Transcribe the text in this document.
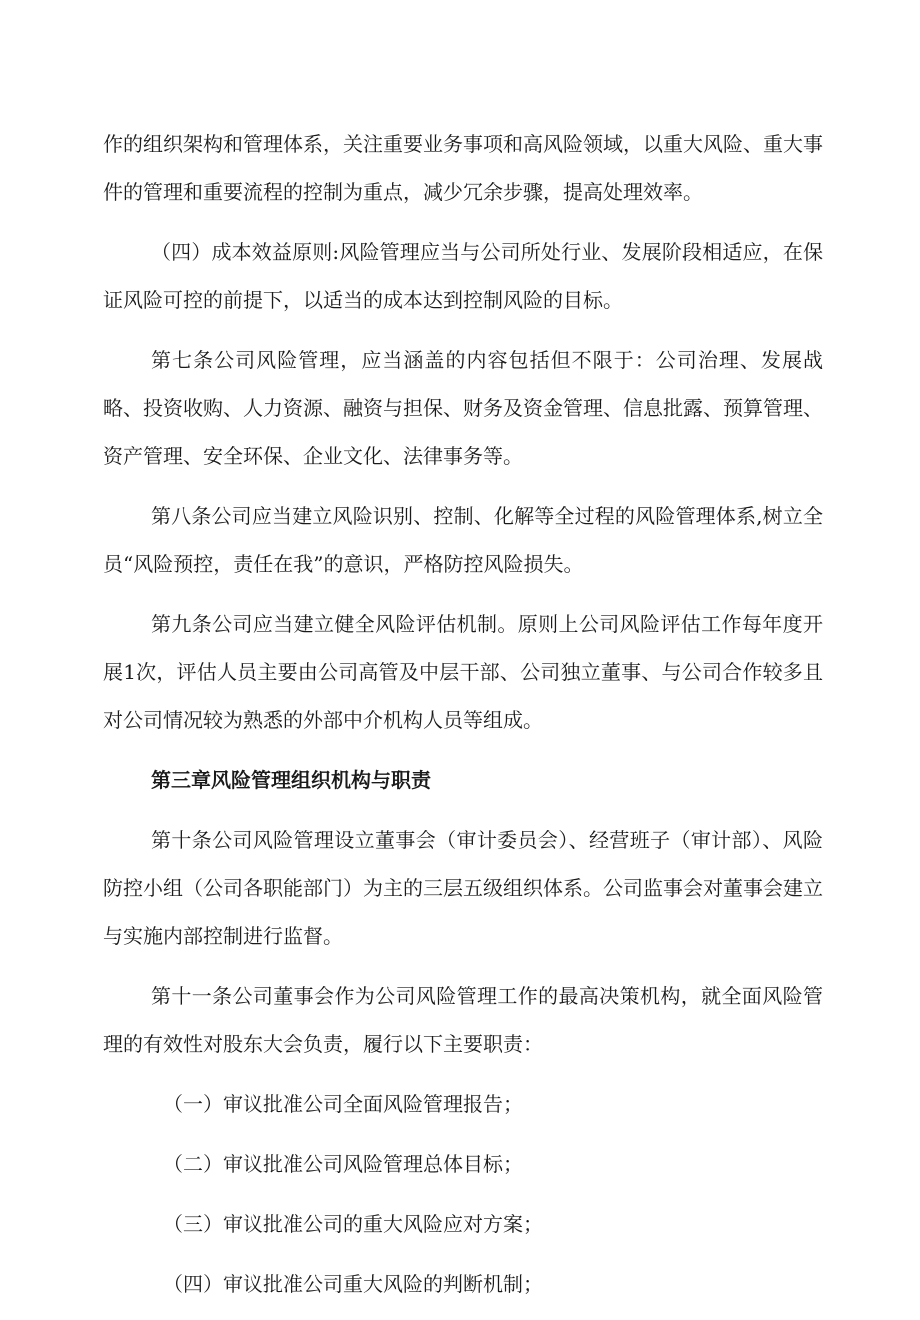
作的组织架构和管理体系，关注重要业务事项和高风险领域，以重大风险、重大事件的管理和重要流程的控制为重点，减少冗余步骤，提高处理效率。

（四）成本效益原则:风险管理应当与公司所处行业、发展阶段相适应，在保证风险可控的前提下，以适当的成本达到控制风险的目标。

第七条公司风险管理，应当涵盖的内容包括但不限于：公司治理、发展战略、投资收购、人力资源、融资与担保、财务及资金管理、信息批露、预算管理、资产管理、安全环保、企业文化、法律事务等。

第八条公司应当建立风险识别、控制、化解等全过程的风险管理体系,树立全员“风险预控，责任在我”的意识，严格防控风险损失。

第九条公司应当建立健全风险评估机制。原则上公司风险评估工作每年度开展1次，评估人员主要由公司高管及中层干部、公司独立董事、与公司合作较多且对公司情况较为熟悉的外部中介机构人员等组成。

第三章风险管理组织机构与职责

第十条公司风险管理设立董事会（审计委员会）、经营班子（审计部）、风险防控小组（公司各职能部门）为主的三层五级组织体系。公司监事会对董事会建立与实施内部控制进行监督。

第十一条公司董事会作为公司风险管理工作的最高决策机构，就全面风险管理的有效性对股东大会负责，履行以下主要职责：

（一）审议批准公司全面风险管理报告；
（二）审议批准公司风险管理总体目标；
（三）审议批准公司的重大风险应对方案；
（四）审议批准公司重大风险的判断机制；
